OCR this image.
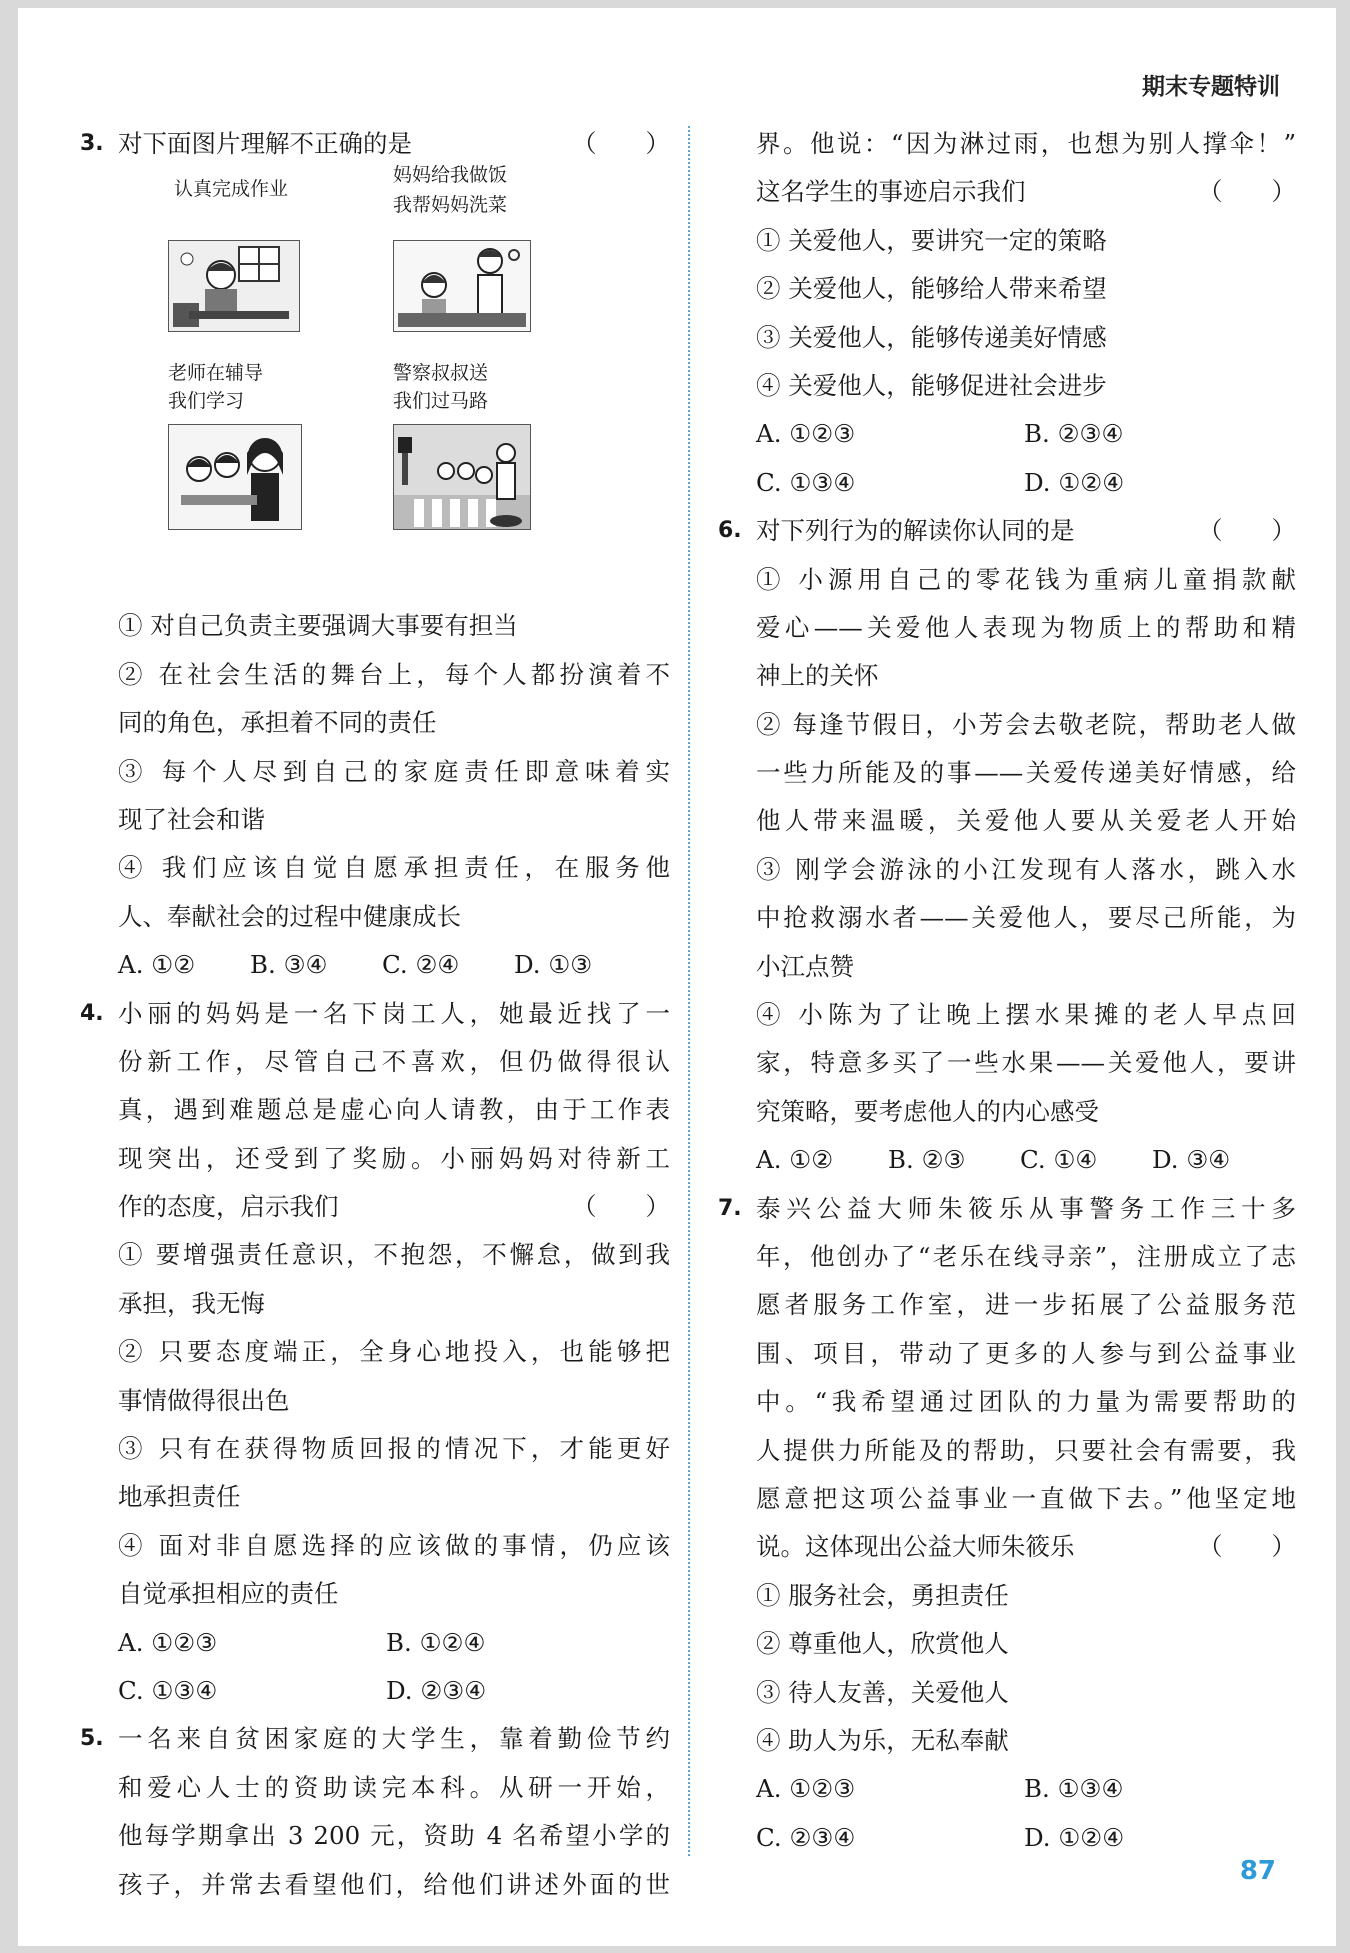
期末专题特训
3. 对下面图片理解不正确的是	（　　）
认真完成作业
妈妈给我做饭
我帮妈妈洗菜
老师在辅导
我们学习
警察叔叔送
我们过马路
① 对自己负责主要强调大事要有担当
② 在社会生活的舞台上，每个人都扮演着不
同的角色，承担着不同的责任
③ 每个人尽到自己的家庭责任即意味着实
现了社会和谐
④ 我们应该自觉自愿承担责任，在服务他
人、奉献社会的过程中健康成长
A. ①② B. ③④ C. ②④ D. ①③
4. 小丽的妈妈是一名下岗工人，她最近找了一
份新工作，尽管自己不喜欢，但仍做得很认
真，遇到难题总是虚心向人请教，由于工作表
现突出，还受到了奖励。小丽妈妈对待新工
作的态度，启示我们	（　　）
① 要增强责任意识，不抱怨，不懈怠，做到我
承担，我无悔
② 只要态度端正，全身心地投入，也能够把
事情做得很出色
③ 只有在获得物质回报的情况下，才能更好
地承担责任
④ 面对非自愿选择的应该做的事情，仍应该
自觉承担相应的责任
A. ①②③	B. ①②④
C. ①③④	D. ②③④
5. 一名来自贫困家庭的大学生，靠着勤俭节约
和爱心人士的资助读完本科。从研一开始，
他每学期拿出 3 200 元，资助 4 名希望小学的
孩子，并常去看望他们，给他们讲述外面的世
界。他说：“因为淋过雨，也想为别人撑伞！”
这名学生的事迹启示我们	（　　）
① 关爱他人，要讲究一定的策略
② 关爱他人，能够给人带来希望
③ 关爱他人，能够传递美好情感
④ 关爱他人，能够促进社会进步
A. ①②③	B. ②③④
C. ①③④	D. ①②④
6. 对下列行为的解读你认同的是	（　　）
① 小源用自己的零花钱为重病儿童捐款献
爱心——关爱他人表现为物质上的帮助和精
神上的关怀
② 每逢节假日，小芳会去敬老院，帮助老人做
一些力所能及的事——关爱传递美好情感，给
他人带来温暖，关爱他人要从关爱老人开始
③ 刚学会游泳的小江发现有人落水，跳入水
中抢救溺水者——关爱他人，要尽己所能，为
小江点赞
④ 小陈为了让晚上摆水果摊的老人早点回
家，特意多买了一些水果——关爱他人，要讲
究策略，要考虑他人的内心感受
A. ①② B. ②③ C. ①④ D. ③④
7. 泰兴公益大师朱筱乐从事警务工作三十多
年，他创办了“老乐在线寻亲”，注册成立了志
愿者服务工作室，进一步拓展了公益服务范
围、项目，带动了更多的人参与到公益事业
中。“我希望通过团队的力量为需要帮助的
人提供力所能及的帮助，只要社会有需要，我
愿意把这项公益事业一直做下去。”他坚定地
说。这体现出公益大师朱筱乐	（　　）
① 服务社会，勇担责任
② 尊重他人，欣赏他人
③ 待人友善，关爱他人
④ 助人为乐，无私奉献
A. ①②③	B. ①③④
C. ②③④	D. ①②④
87
